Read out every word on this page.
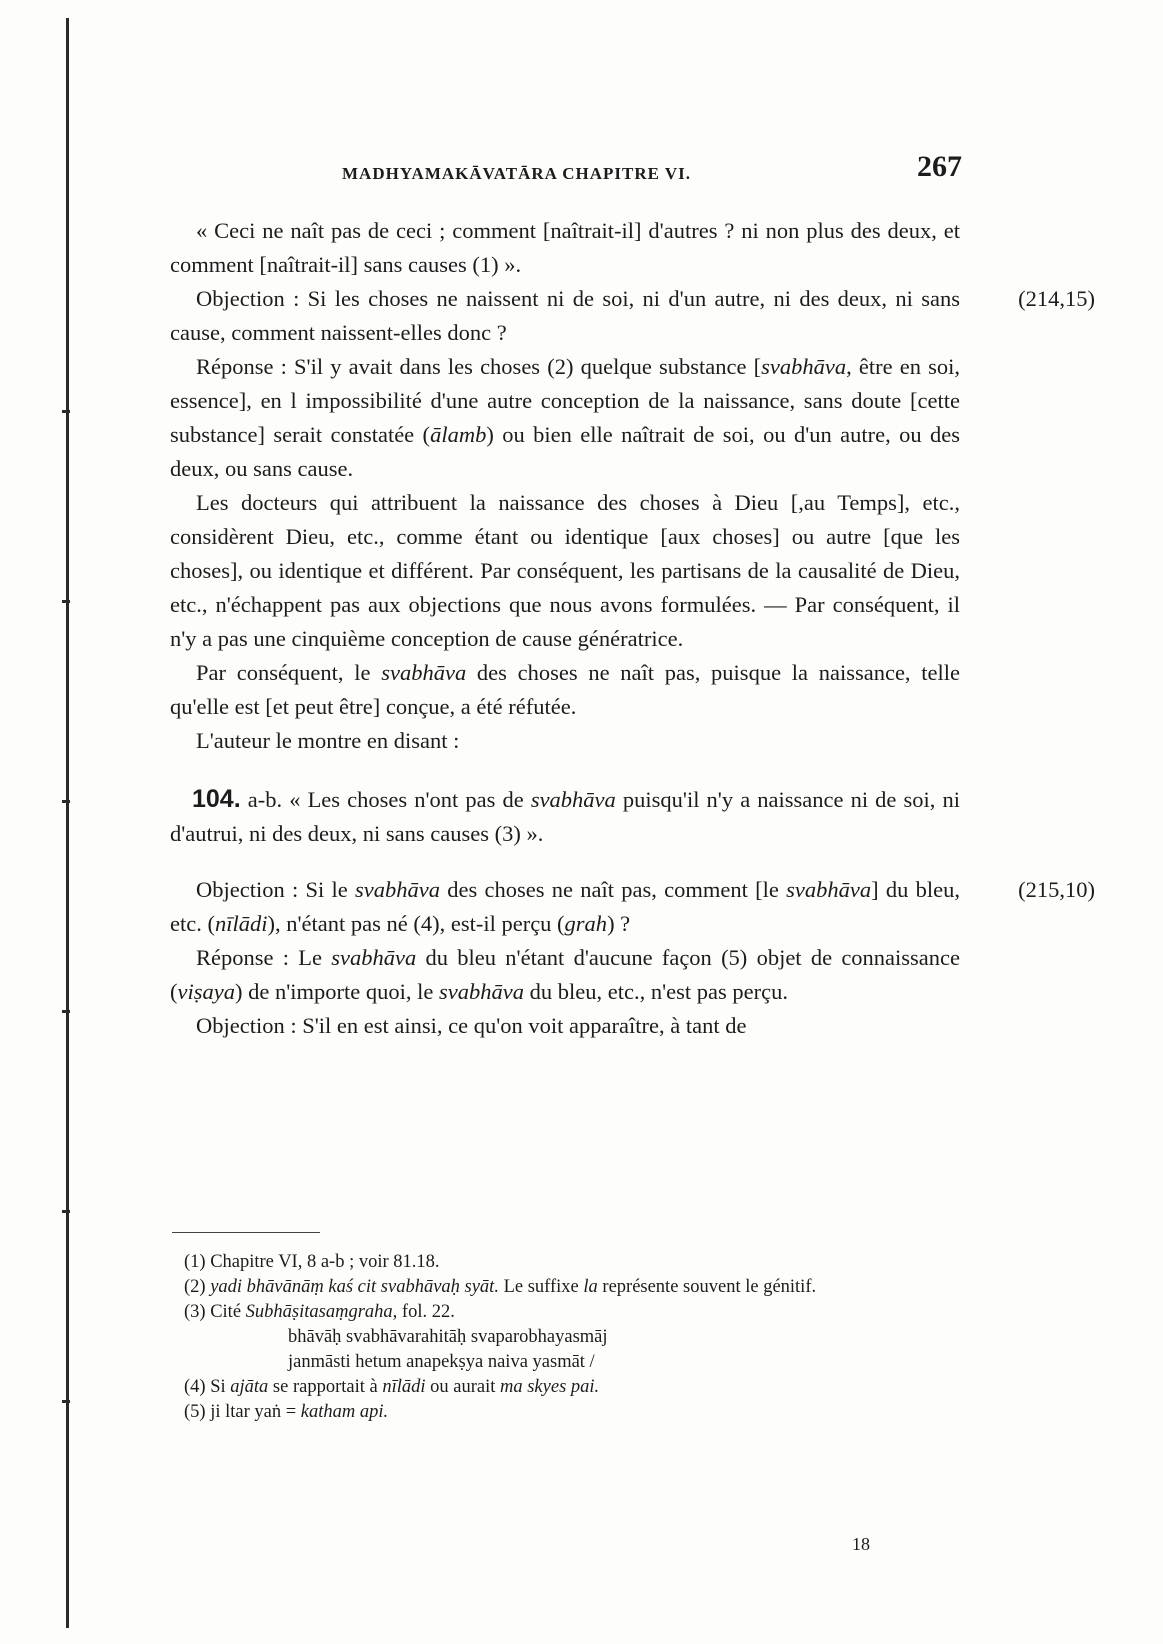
MADHYAMAKĀVATĀRA CHAPITRE VI.	267

« Ceci ne naît pas de ceci ; comment [naîtrait-il] d'autres ? ni non plus des deux, et comment [naîtrait-il] sans causes (1) ».

Objection : Si les choses ne naissent ni de soi, ni d'un autre, ni des deux, ni sans cause, comment naissent-elles donc ?

(214,15)

Réponse : S'il y avait dans les choses (2) quelque substance [svabhāva, être en soi, essence], en l impossibilité d'une autre conception de la naissance, sans doute [cette substance] serait constatée (ālamb) ou bien elle naîtrait de soi, ou d'un autre, ou des deux, ou sans cause.

Les docteurs qui attribuent la naissance des choses à Dieu [,au Temps], etc., considèrent Dieu, etc., comme étant ou identique [aux choses] ou autre [que les choses], ou identique et différent. Par conséquent, les partisans de la causalité de Dieu, etc., n'échappent pas aux objections que nous avons formulées. — Par conséquent, il n'y a pas une cinquième conception de cause génératrice.

Par conséquent, le svabhāva des choses ne naît pas, puisque la naissance, telle qu'elle est [et peut être] conçue, a été réfutée.

L'auteur le montre en disant :

104. a-b. « Les choses n'ont pas de svabhāva puisqu'il n'y a naissance ni de soi, ni d'autrui, ni des deux, ni sans causes (3) ».

Objection : Si le svabhāva des choses ne naît pas, comment [le svabhāva] du bleu, etc. (nīlādi), n'étant pas né (4), est-il perçu (grah) ?

(215,10)

Réponse : Le svabhāva du bleu n'étant d'aucune façon (5) objet de connaissance (viṣaya) de n'importe quoi, le svabhāva du bleu, etc., n'est pas perçu.

Objection : S'il en est ainsi, ce qu'on voit apparaître, à tant de

(1) Chapitre VI, 8 a-b ; voir 81.18.

(2) yadi bhāvānāṃ kaś cit svabhāvaḥ syāt. Le suffixe la représente souvent le génitif.

(3) Cité Subhāṣitasaṃgraha, fol. 22.

bhāvāḥ svabhāvarahitāḥ svaparobhayasmāj

janmāsti hetum anapekṣya naiva yasmāt /

(4) Si ajāta se rapportait à nīlādi ou aurait ma skyes pai.

(5) ji ltar yaṅ = katham api.

18
